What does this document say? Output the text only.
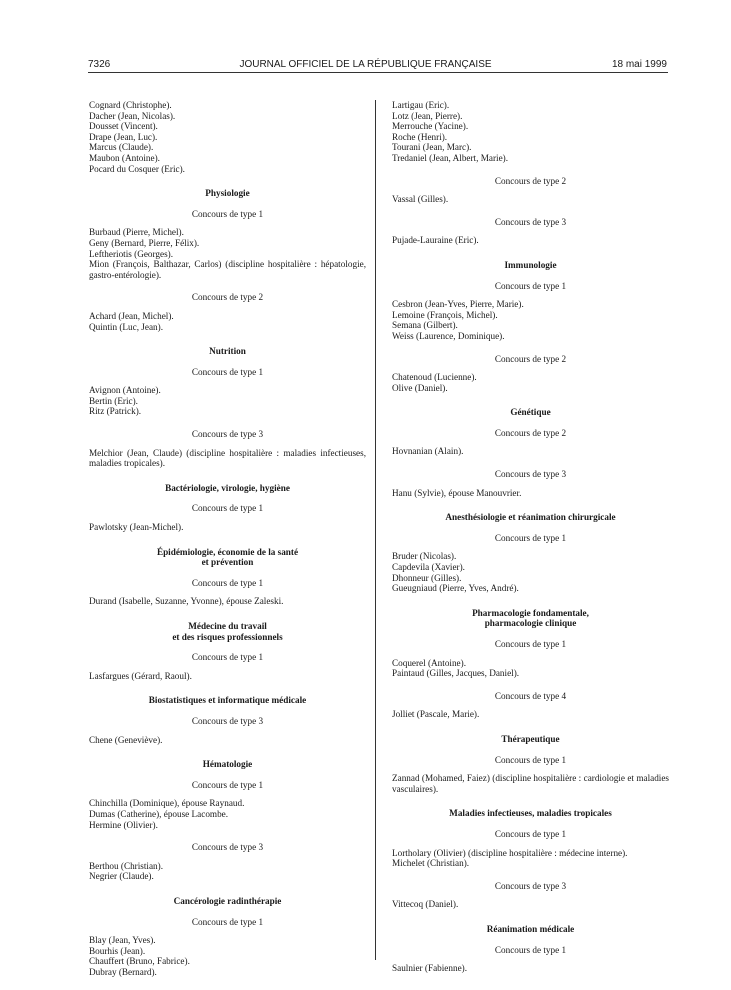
7326	JOURNAL OFFICIEL DE LA RÉPUBLIQUE FRANÇAISE	18 mai 1999
Cognard (Christophe).
Dacher (Jean, Nicolas).
Dousset (Vincent).
Drape (Jean, Luc).
Marcus (Claude).
Maubon (Antoine).
Pocard du Cosquer (Eric).
Physiologie
Concours de type 1
Burbaud (Pierre, Michel).
Geny (Bernard, Pierre, Félix).
Leftheriotis (Georges).
Mion (François, Balthazar, Carlos) (discipline hospitalière : hépatologie, gastro-entérologie).
Concours de type 2
Achard (Jean, Michel).
Quintin (Luc, Jean).
Nutrition
Concours de type 1
Avignon (Antoine).
Bertin (Eric).
Ritz (Patrick).
Concours de type 3
Melchior (Jean, Claude) (discipline hospitalière : maladies infectieuses, maladies tropicales).
Bactériologie, virologie, hygiène
Concours de type 1
Pawlotsky (Jean-Michel).
Épidémiologie, économie de la santé
et prévention
Concours de type 1
Durand (Isabelle, Suzanne, Yvonne), épouse Zaleski.
Médecine du travail
et des risques professionnels
Concours de type 1
Lasfargues (Gérard, Raoul).
Biostatistiques et informatique médicale
Concours de type 3
Chene (Geneviève).
Hématologie
Concours de type 1
Chinchilla (Dominique), épouse Raynaud.
Dumas (Catherine), épouse Lacombe.
Hermine (Olivier).
Concours de type 3
Berthou (Christian).
Negrier (Claude).
Cancérologie radinthérapie
Concours de type 1
Blay (Jean, Yves).
Bourhis (Jean).
Chauffert (Bruno, Fabrice).
Dubray (Bernard).
Lartigau (Eric).
Lotz (Jean, Pierre).
Merrouche (Yacine).
Roche (Henri).
Tourani (Jean, Marc).
Tredaniel (Jean, Albert, Marie).
Concours de type 2
Vassal (Gilles).
Concours de type 3
Pujade-Lauraine (Eric).
Immunologie
Concours de type 1
Cesbron (Jean-Yves, Pierre, Marie).
Lemoine (François, Michel).
Semana (Gilbert).
Weiss (Laurence, Dominique).
Concours de type 2
Chatenoud (Lucienne).
Olive (Daniel).
Génétique
Concours de type 2
Hovnanian (Alain).
Concours de type 3
Hanu (Sylvie), épouse Manouvrier.
Anesthésiologie et réanimation chirurgicale
Concours de type 1
Bruder (Nicolas).
Capdevila (Xavier).
Dhonneur (Gilles).
Gueugniaud (Pierre, Yves, André).
Pharmacologie fondamentale,
pharmacologie clinique
Concours de type 1
Coquerel (Antoine).
Paintaud (Gilles, Jacques, Daniel).
Concours de type 4
Jolliet (Pascale, Marie).
Thérapeutique
Concours de type 1
Zannad (Mohamed, Faiez) (discipline hospitalière : cardiologie et maladies vasculaires).
Maladies infectieuses, maladies tropicales
Concours de type 1
Lortholary (Olivier) (discipline hospitalière : médecine interne).
Michelet (Christian).
Concours de type 3
Vittecoq (Daniel).
Réanimation médicale
Concours de type 1
Saulnier (Fabienne).
